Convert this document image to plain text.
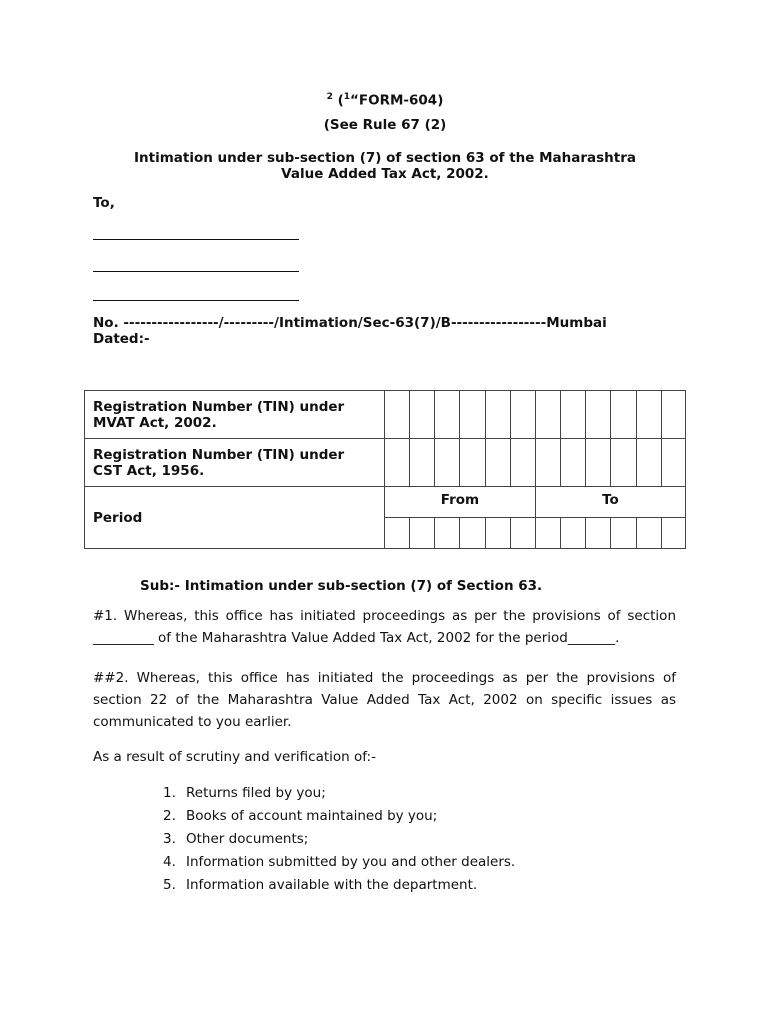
$^2$ ($^1$“FORM-604)
(See Rule 67 (2)
Intimation under sub-section (7) of section 63 of the Maharashtra
Value Added Tax Act, 2002.
To,
No. -----------------/---------/Intimation/Sec-63(7)/B-----------------Mumbai
Dated:-
Registration Number (TIN) under MVAT Act, 2002.												
Registration Number (TIN) under CST Act, 1956.												
Period	From						To					

Sub:- Intimation under sub-section (7) of Section 63.
#1. Whereas, this office has initiated proceedings as per the provisions of section _________ of the Maharashtra Value Added Tax Act, 2002 for the period_______.
##2. Whereas, this office has initiated the proceedings as per the provisions of section 22 of the Maharashtra Value Added Tax Act, 2002 on specific issues as communicated to you earlier.
As a result of scrutiny and verification of:-
1. Returns filed by you;
2. Books of account maintained by you;
3. Other documents;
4. Information submitted by you and other dealers.
5. Information available with the department.
